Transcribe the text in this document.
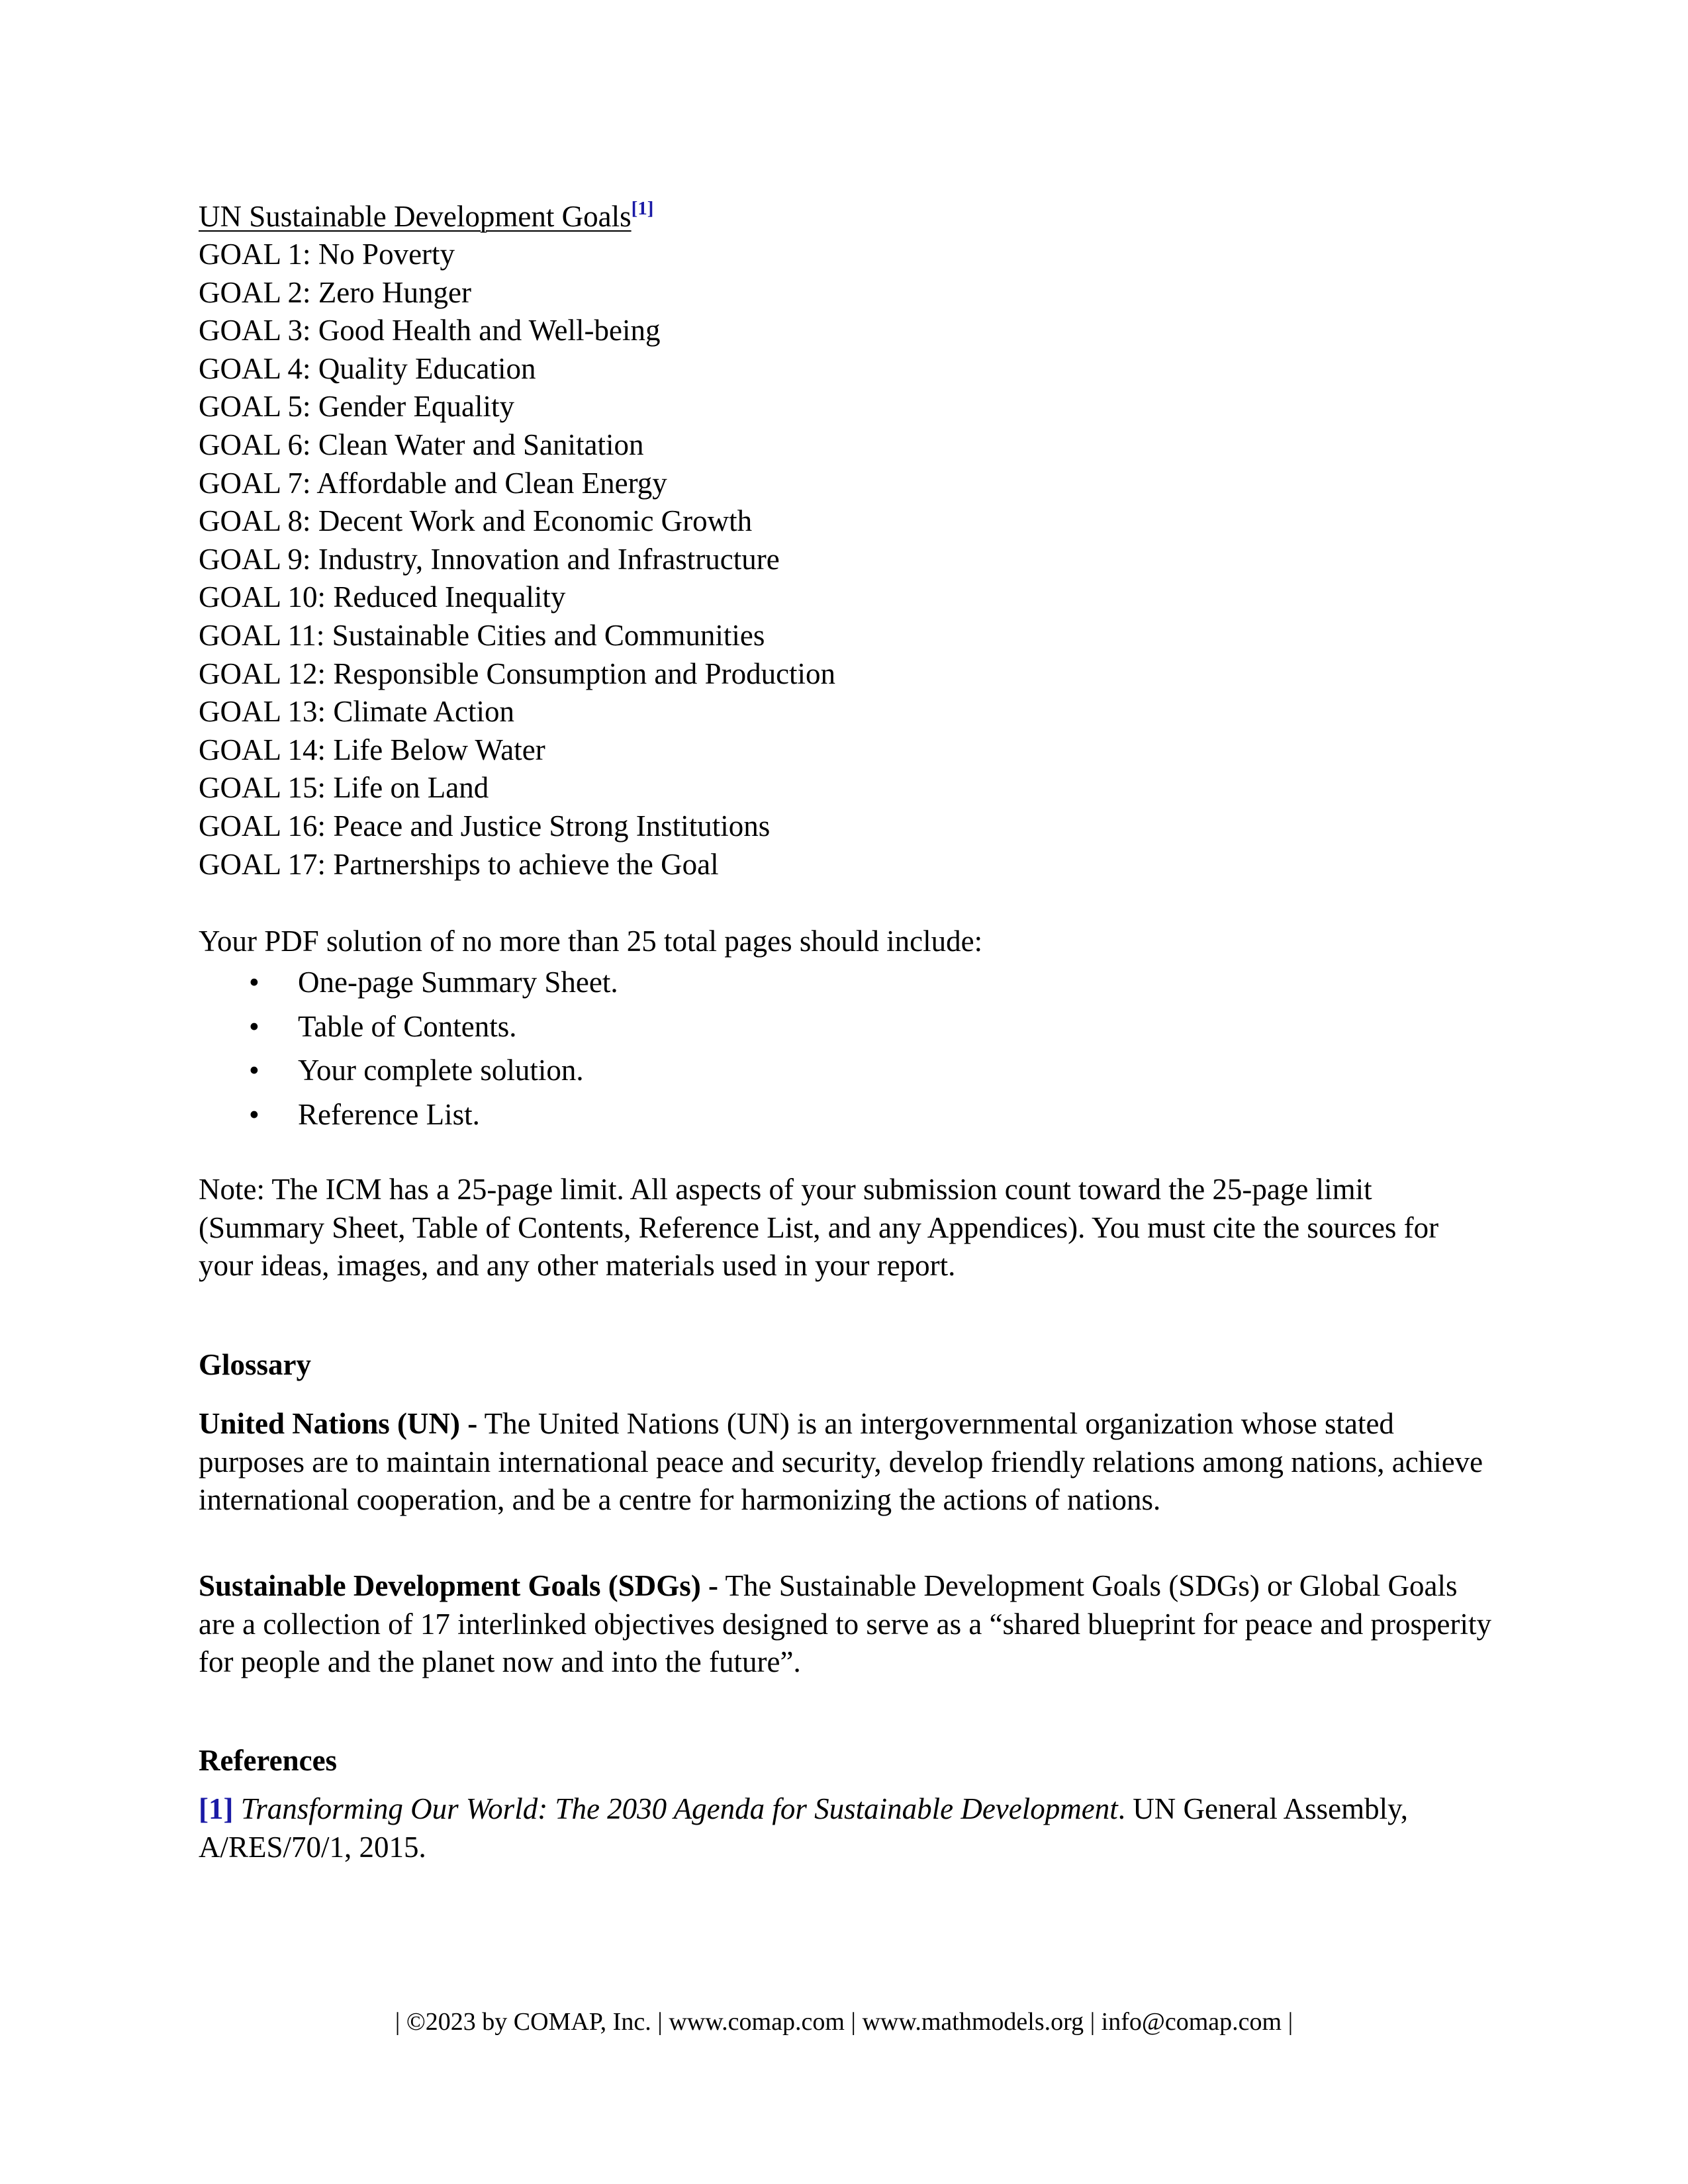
UN Sustainable Development Goals[1]
GOAL 1: No Poverty
GOAL 2: Zero Hunger
GOAL 3: Good Health and Well-being
GOAL 4: Quality Education
GOAL 5: Gender Equality
GOAL 6: Clean Water and Sanitation
GOAL 7: Affordable and Clean Energy
GOAL 8: Decent Work and Economic Growth
GOAL 9: Industry, Innovation and Infrastructure
GOAL 10: Reduced Inequality
GOAL 11: Sustainable Cities and Communities
GOAL 12: Responsible Consumption and Production
GOAL 13: Climate Action
GOAL 14: Life Below Water
GOAL 15: Life on Land
GOAL 16: Peace and Justice Strong Institutions
GOAL 17: Partnerships to achieve the Goal
Your PDF solution of no more than 25 total pages should include:
• One-page Summary Sheet.
• Table of Contents.
• Your complete solution.
• Reference List.
Note: The ICM has a 25-page limit. All aspects of your submission count toward the 25-page limit (Summary Sheet, Table of Contents, Reference List, and any Appendices). You must cite the sources for your ideas, images, and any other materials used in your report.
Glossary
United Nations (UN) - The United Nations (UN) is an intergovernmental organization whose stated purposes are to maintain international peace and security, develop friendly relations among nations, achieve international cooperation, and be a centre for harmonizing the actions of nations.
Sustainable Development Goals (SDGs) - The Sustainable Development Goals (SDGs) or Global Goals are a collection of 17 interlinked objectives designed to serve as a “shared blueprint for peace and prosperity for people and the planet now and into the future”.
References
[1] Transforming Our World: The 2030 Agenda for Sustainable Development. UN General Assembly, A/RES/70/1, 2015.
| ©2023 by COMAP, Inc. | www.comap.com | www.mathmodels.org | info@comap.com |
